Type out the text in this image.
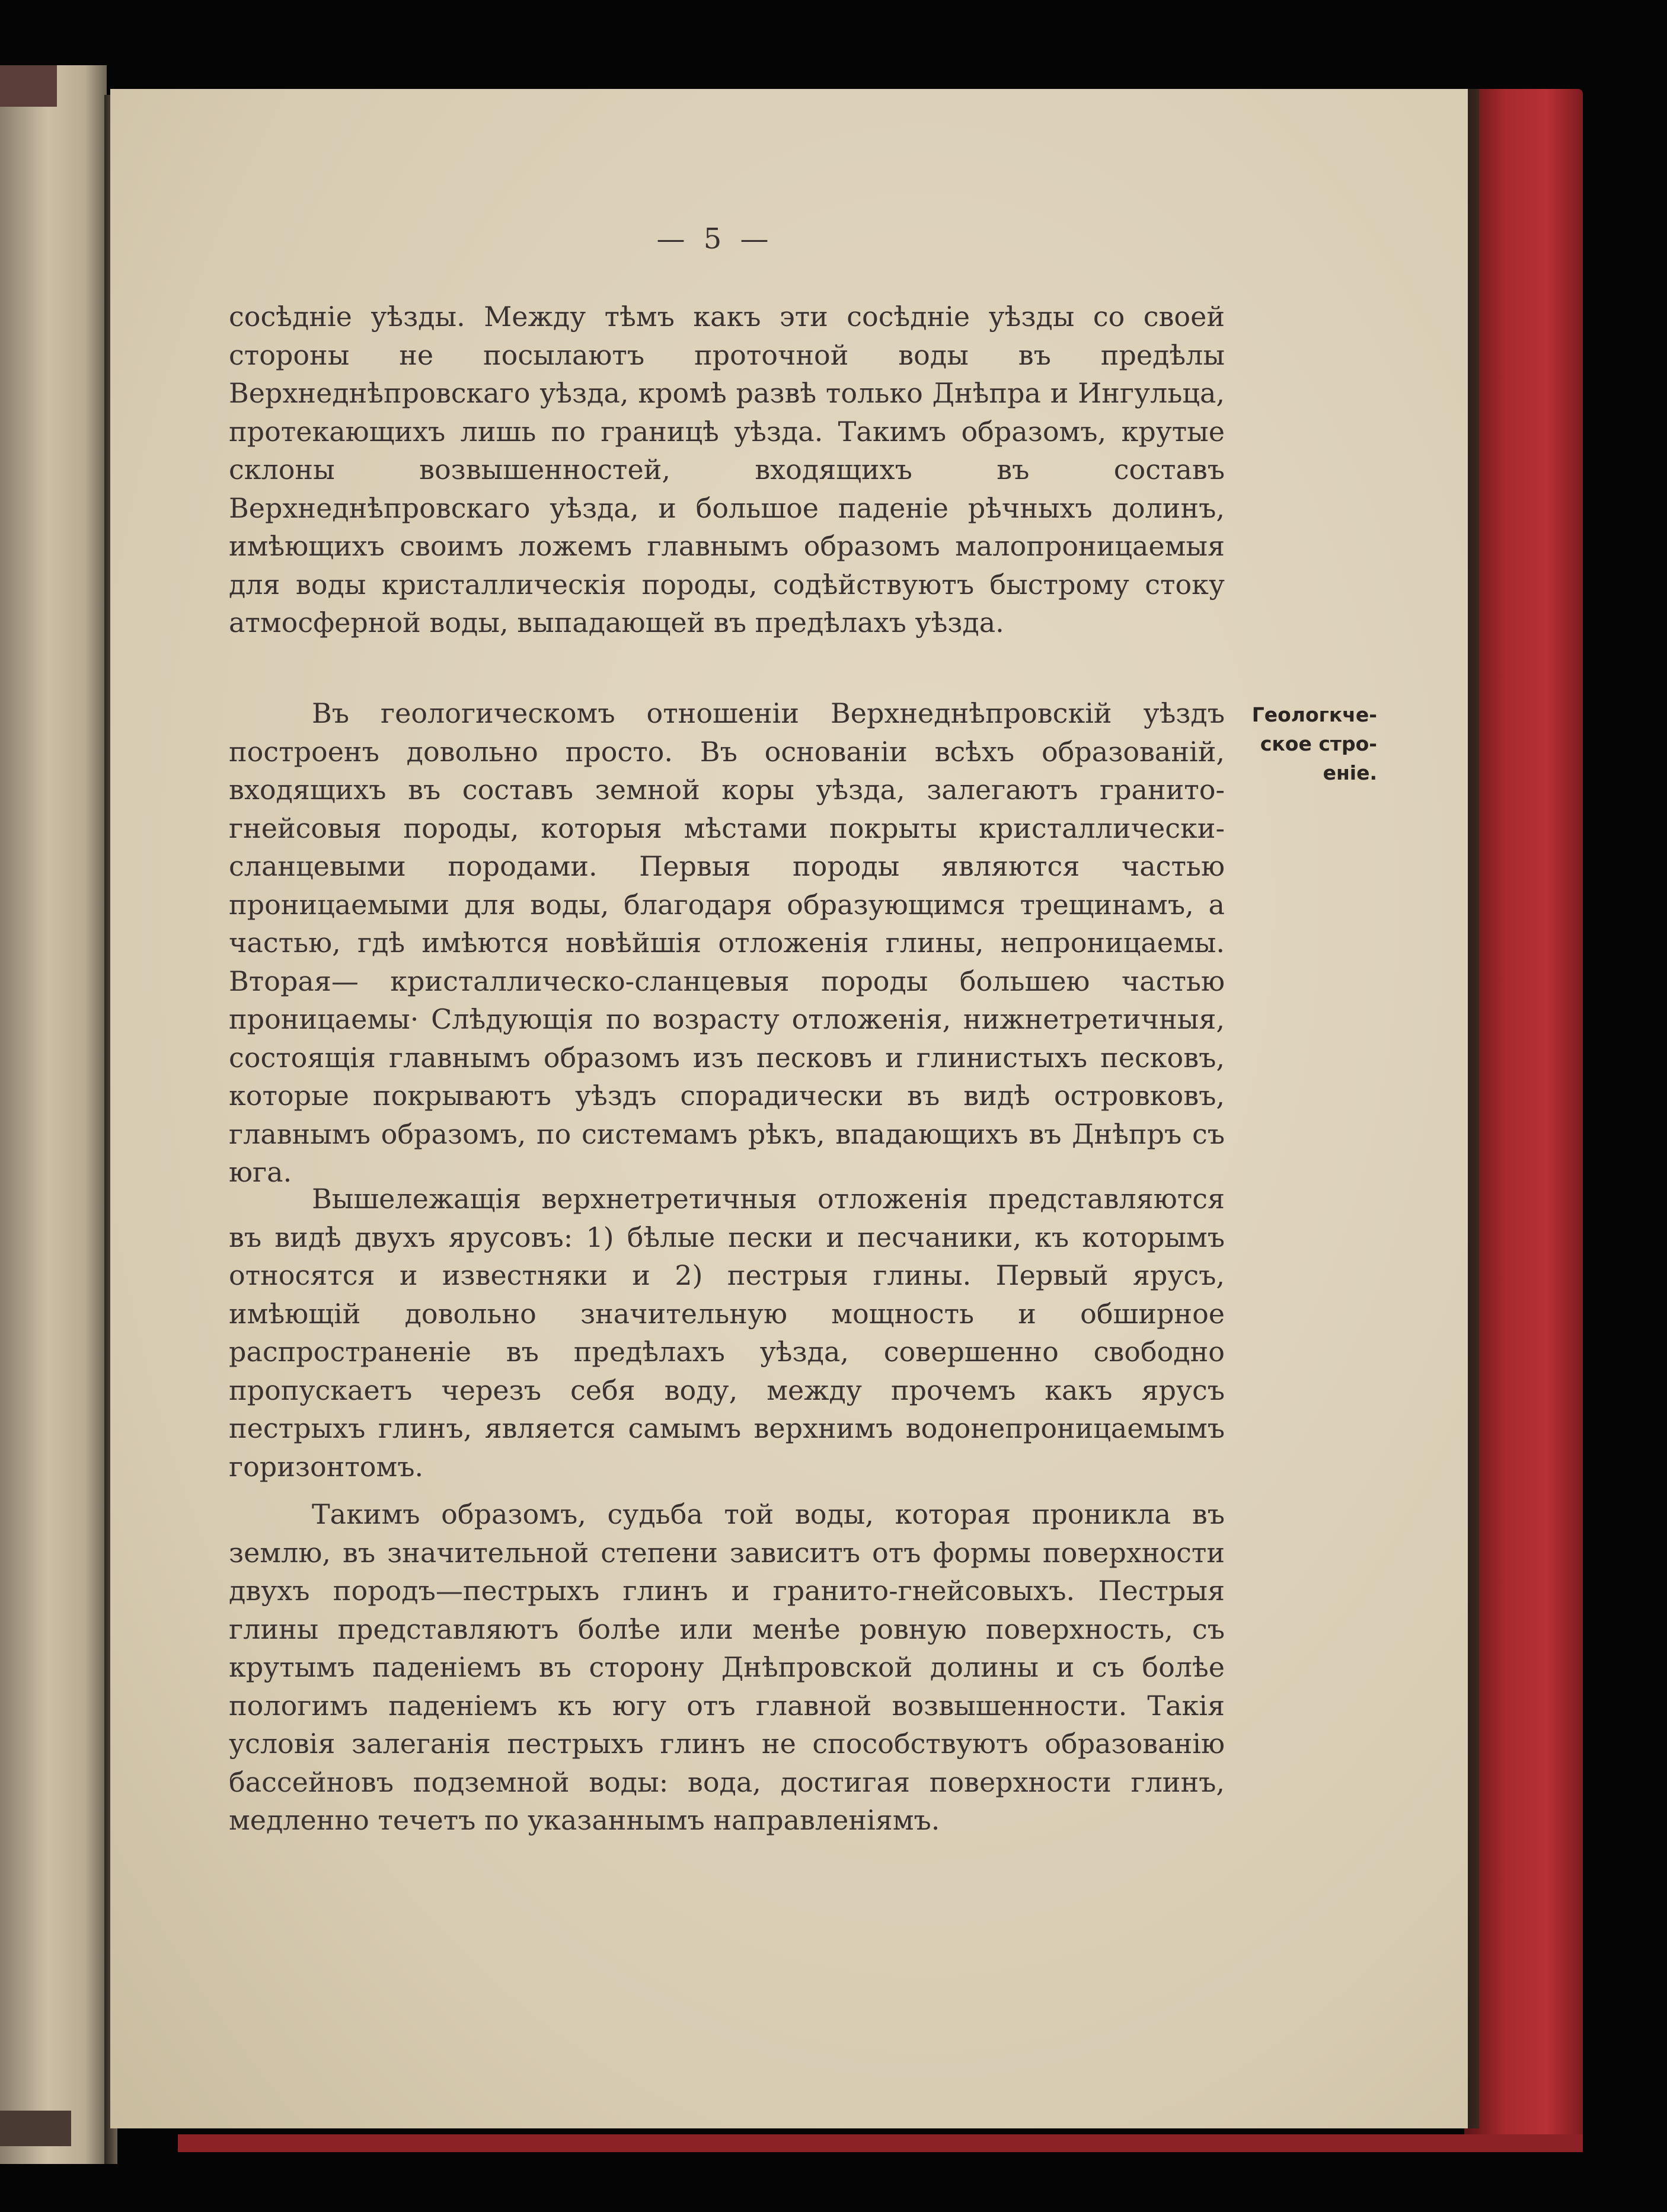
— 5 —

сосѣдніе уѣзды. Между тѣмъ какъ эти сосѣдніе уѣзды со своей стороны не посылаютъ проточной воды въ предѣлы Верхнеднѣпровскаго уѣзда, кромѣ развѣ только Днѣпра и Ингульца, протекающихъ лишь по границѣ уѣзда. Такимъ образомъ, крутые склоны возвышенностей, входящихъ въ составъ Верхнеднѣпровскаго уѣзда, и большое паденіе рѣчныхъ долинъ, имѣющихъ своимъ ложемъ главнымъ образомъ малопроницаемыя для воды кристаллическія породы, содѣйствуютъ быстрому стоку атмосферной воды, выпадающей въ предѣлахъ уѣзда.

Въ геологическомъ отношеніи Верхнеднѣпровскій уѣздъ построенъ довольно просто. Въ основаніи всѣхъ образованій, входящихъ въ составъ земной коры уѣзда, залегаютъ гранито-гнейсовыя породы, которыя мѣстами покрыты кристаллически-сланцевыми породами. Первыя породы являются частью проницаемыми для воды, благодаря образующимся трещинамъ, а частью, гдѣ имѣются новѣйшія отложенія глины, непроницаемы. Вторая— кристаллическо-сланцевыя породы большею частью проницаемы· Слѣдующія по возрасту отложенія, нижнетретичныя, состоящія главнымъ образомъ изъ песковъ и глинистыхъ песковъ, которые покрываютъ уѣздъ спорадически въ видѣ островковъ, главнымъ образомъ, по системамъ рѣкъ, впадающихъ въ Днѣпръ съ юга.

Вышележащія верхнетретичныя отложенія представляются въ видѣ двухъ ярусовъ: 1) бѣлые пески и песчаники, къ которымъ относятся и известняки и 2) пестрыя глины. Первый ярусъ, имѣющій довольно значительную мощность и обширное распространеніе въ предѣлахъ уѣзда, совершенно свободно пропускаетъ черезъ себя воду, между прочемъ какъ ярусъ пестрыхъ глинъ, является самымъ верхнимъ водонепроницаемымъ горизонтомъ.

Такимъ образомъ, судьба той воды, которая проникла въ землю, въ значительной степени зависитъ отъ формы поверхности двухъ породъ—пестрыхъ глинъ и гранито-гнейсовыхъ. Пестрыя глины представляютъ болѣе или менѣе ровную поверхность, съ крутымъ паденіемъ въ сторону Днѣпровской долины и съ болѣе пологимъ паденіемъ къ югу отъ главной возвышенности. Такія условія залеганія пестрыхъ глинъ не способствуютъ образованію бассейновъ подземной воды: вода, достигая поверхности глинъ, медленно течетъ по указаннымъ направленіямъ.

Геологкче-
ское стро-
еніе.
